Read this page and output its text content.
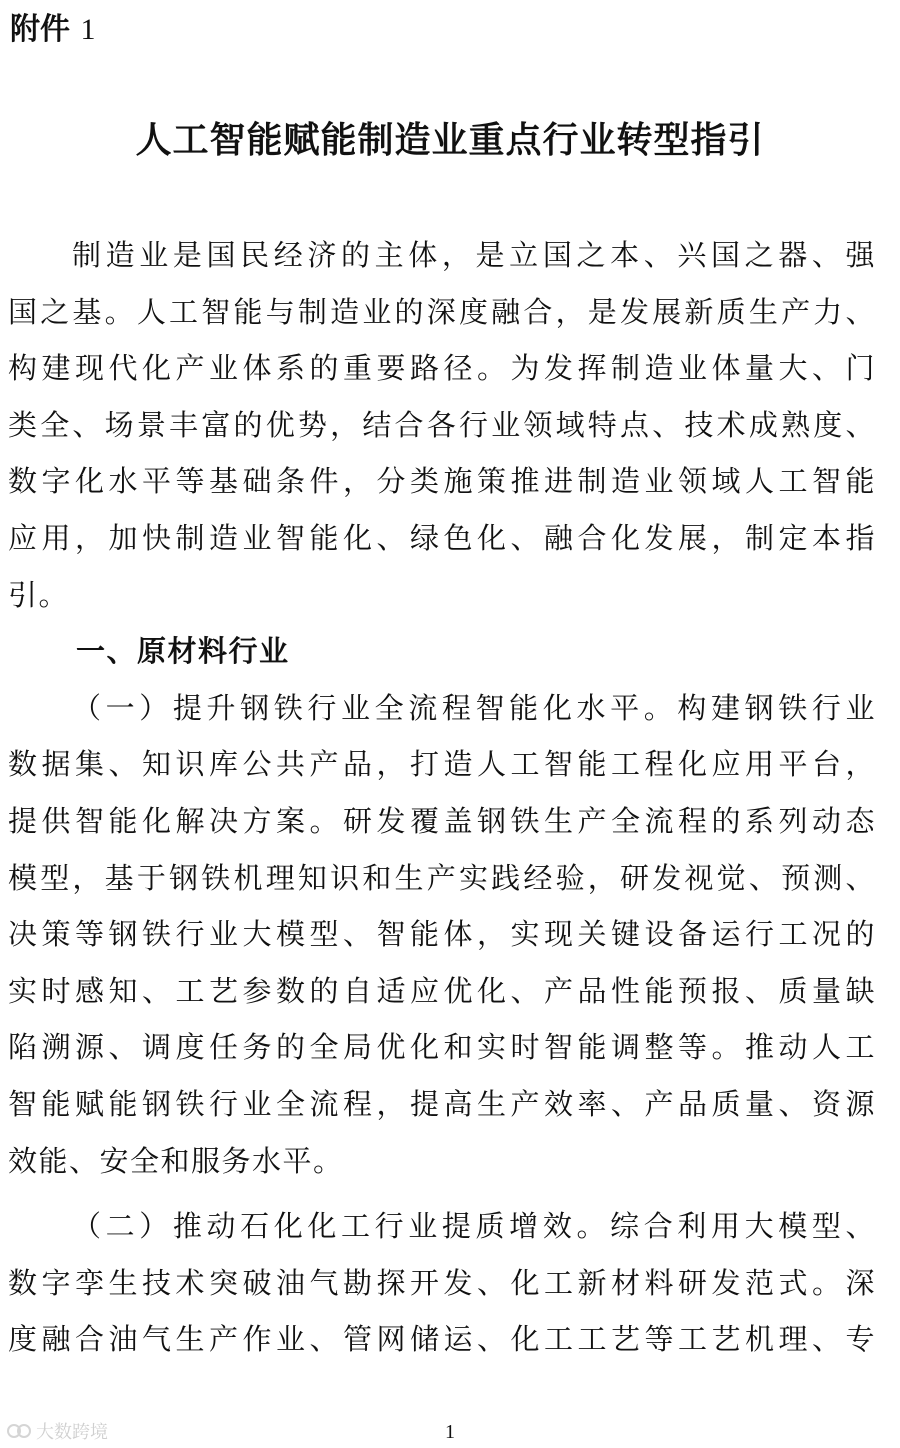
附件 1
人工智能赋能制造业重点行业转型指引
制造业是国民经济的主体，是立国之本、兴国之器、强
国之基。人工智能与制造业的深度融合，是发展新质生产力、
构建现代化产业体系的重要路径。为发挥制造业体量大、门
类全、场景丰富的优势，结合各行业领域特点、技术成熟度、
数字化水平等基础条件，分类施策推进制造业领域人工智能
应用，加快制造业智能化、绿色化、融合化发展，制定本指
引。
一、原材料行业
（一）提升钢铁行业全流程智能化水平。构建钢铁行业
数据集、知识库公共产品，打造人工智能工程化应用平台，
提供智能化解决方案。研发覆盖钢铁生产全流程的系列动态
模型，基于钢铁机理知识和生产实践经验，研发视觉、预测、
决策等钢铁行业大模型、智能体，实现关键设备运行工况的
实时感知、工艺参数的自适应优化、产品性能预报、质量缺
陷溯源、调度任务的全局优化和实时智能调整等。推动人工
智能赋能钢铁行业全流程，提高生产效率、产品质量、资源
效能、安全和服务水平。
（二）推动石化化工行业提质增效。综合利用大模型、
数字孪生技术突破油气勘探开发、化工新材料研发范式。深
度融合油气生产作业、管网储运、化工工艺等工艺机理、专
大数跨境	1
